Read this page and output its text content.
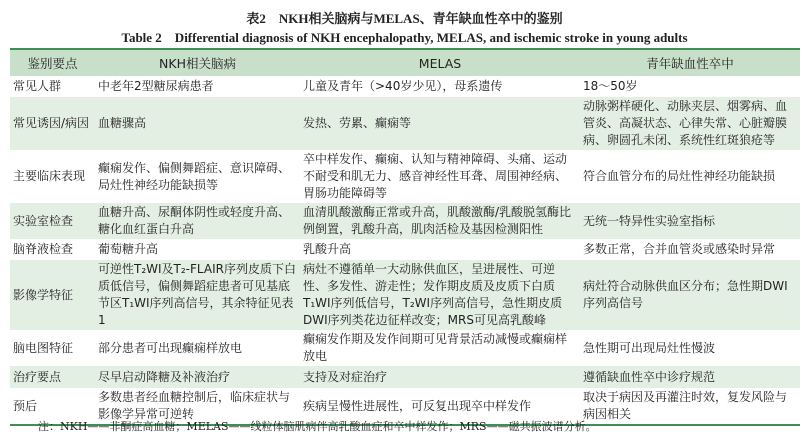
表2　NKH相关脑病与MELAS、青年缺血性卒中的鉴别
Table 2　Differential diagnosis of NKH encephalopathy, MELAS, and ischemic stroke in young adults
鉴别要点	NKH相关脑病	MELAS	青年缺血性卒中
常见人群	中老年2型糖尿病患者	儿童及青年（>40岁少见），母系遗传	18～50岁
常见诱因/病因	血糖骤高	发热、劳累、癫痫等	动脉粥样硬化、动脉夹层、烟雾病、血管炎、高凝状态、心律失常、心脏瓣膜病、卵圆孔未闭、系统性红斑狼疮等
主要临床表现	癫痫发作、偏侧舞蹈症、意识障碍、局灶性神经功能缺损等	卒中样发作、癫痫、认知与精神障碍、头痛、运动不耐受和肌无力、感音神经性耳聋、周围神经病、胃肠功能障碍等	符合血管分布的局灶性神经功能缺损
实验室检查	血糖升高、尿酮体阴性或轻度升高、糖化血红蛋白升高	血清肌酸激酶正常或升高，肌酸激酶/乳酸脱氢酶比例倒置，乳酸升高，肌肉活检及基因检测阳性	无统一特异性实验室指标
脑脊液检查	葡萄糖升高	乳酸升高	多数正常，合并血管炎或感染时异常
影像学特征	可逆性T₂WI及T₂-FLAIR序列皮质下白质低信号，偏侧舞蹈症患者可见基底节区T₁WI序列高信号，其余特征见表1	病灶不遵循单一大动脉供血区，呈进展性、可逆性、多发性、游走性；发作期皮质及皮质下白质T₁WI序列低信号，T₂WI序列高信号，急性期皮质DWI序列类花边征样改变；MRS可见高乳酸峰	病灶符合动脉供血区分布；急性期DWI序列高信号
脑电图特征	部分患者可出现癫痫样放电	癫痫发作期及发作间期可见背景活动减慢或癫痫样放电	急性期可出现局灶性慢波
治疗要点	尽早启动降糖及补液治疗	支持及对症治疗	遵循缺血性卒中诊疗规范
预后	多数患者经血糖控制后，临床症状与影像学异常可逆转	疾病呈慢性进展性，可反复出现卒中样发作	取决于病因及再灌注时效，复发风险与病因相关
注：NKH——非酮症高血糖；MELAS——线粒体脑肌病伴高乳酸血症和卒中样发作；MRS——磁共振波谱分析。
